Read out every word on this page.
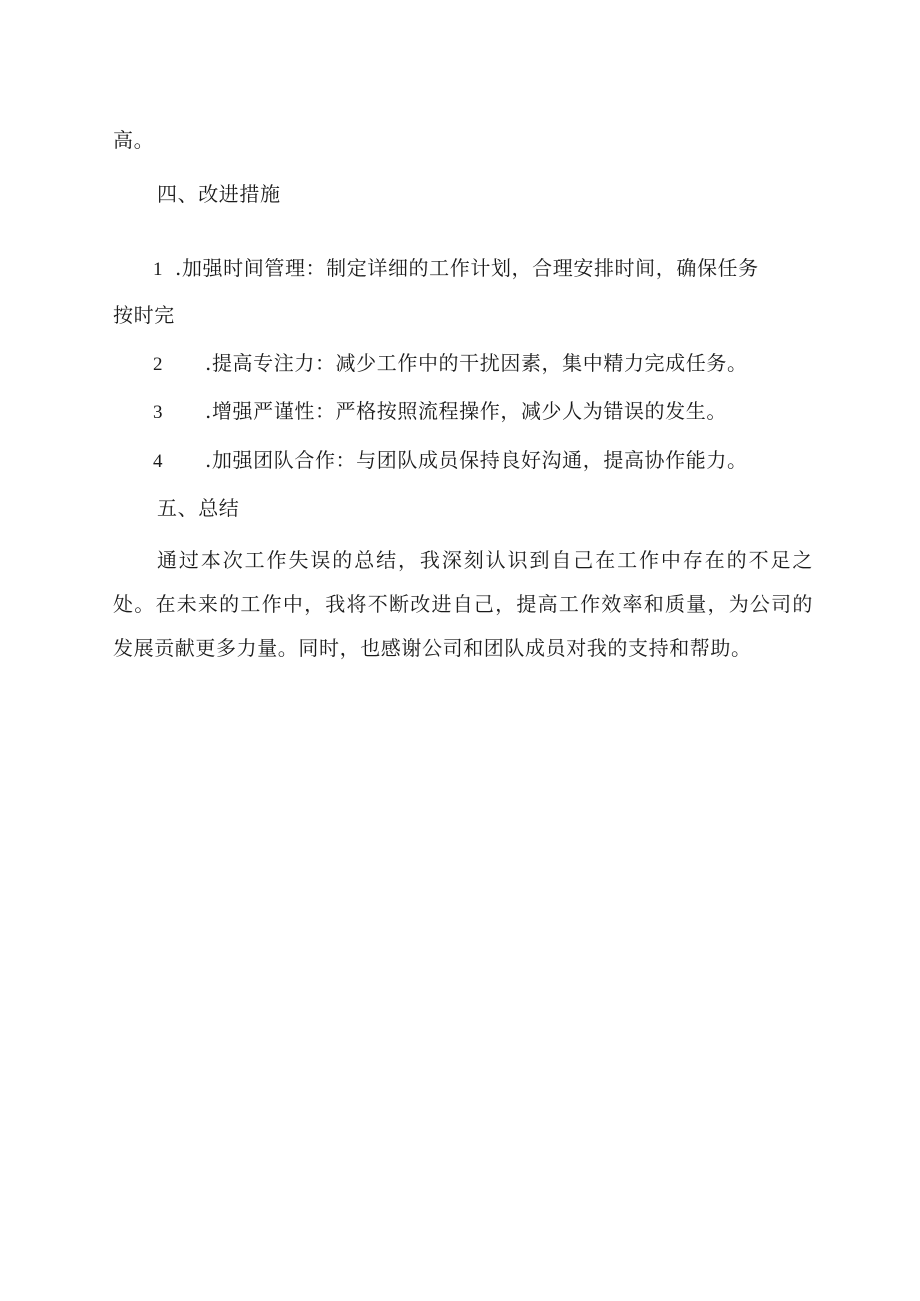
高。
四、改进措施
1 .加强时间管理：制定详细的工作计划，合理安排时间，确保任务
按时完
2 .提高专注力：减少工作中的干扰因素，集中精力完成任务。
3 .增强严谨性：严格按照流程操作，减少人为错误的发生。
4 .加强团队合作：与团队成员保持良好沟通，提高协作能力。
五、总结
通过本次工作失误的总结，我深刻认识到自己在工作中存在的不足之处。在未来的工作中，我将不断改进自己，提高工作效率和质量，为公司的发展贡献更多力量。同时，也感谢公司和团队成员对我的支持和帮助。
